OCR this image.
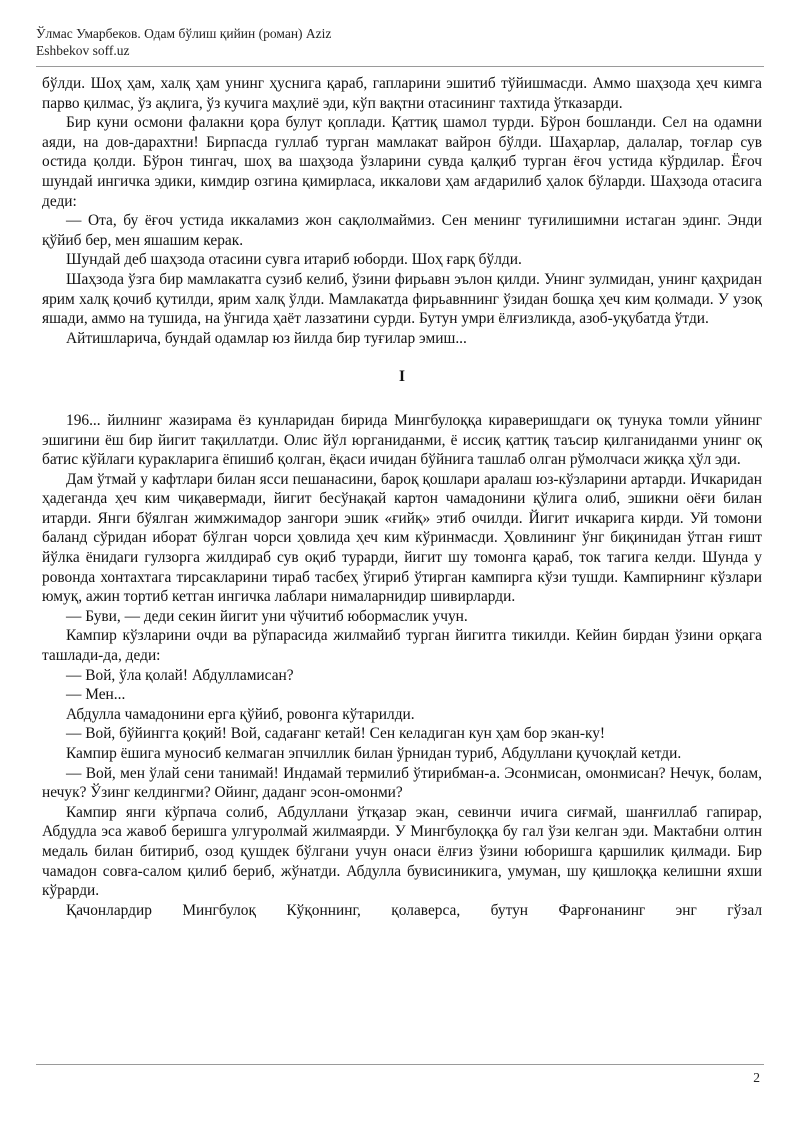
Ўлмас Умарбеков. Одам бўлиш қийин (роман) Aziz
Eshbekov soff.uz

бўлди. Шоҳ ҳам, халқ ҳам унинг ҳуснига қараб, гапларини эшитиб тўйишмасди. Аммо шаҳзода ҳеч кимга парво қилмас, ўз ақлига, ўз кучига маҳлиё эди, кўп вақтни отасининг тахтида ўтказарди.

Бир куни осмони фалакни қора булут қоплади. Қаттиқ шамол турди. Бўрон бошланди. Сел на одамни аяди, на дов-дарахтни! Бирпасда гуллаб турган мамлакат вайрон бўлди. Шаҳарлар, далалар, тоғлар сув остида қолди. Бўрон тингач, шоҳ ва шаҳзода ўзларини сувда қалқиб турган ёғоч устида кўрдилар. Ёғоч шундай ингичка эдики, кимдир озгина қимирласа, иккалови ҳам ағдарилиб ҳалок бўларди. Шаҳзода отасига деди:

— Ота, бу ёғоч устида иккаламиз жон сақлолмаймиз. Сен менинг туғилишимни истаган эдинг. Энди қўйиб бер, мен яшашим керак.

Шундай деб шаҳзода отасини сувга итариб юборди. Шоҳ ғарқ бўлди.

Шаҳзода ўзга бир мамлакатга сузиб келиб, ўзини фирьавн эълон қилди. Унинг зулмидан, унинг қаҳридан ярим халқ қочиб қутилди, ярим халқ ўлди. Мамлакатда фирьавннинг ўзидан бошқа ҳеч ким қолмади. У узоқ яшади, аммо на тушида, на ўнгида ҳаёт лаззатини сурди. Бутун умри ёлғизликда, азоб-уқубатда ўтди.

Айтишларича, бундай одамлар юз йилда бир туғилар эмиш...

I

196... йилнинг жазирама ёз кунларидан бирида Мингбулоққа кираверишдаги оқ тунука томли уйнинг эшигини ёш бир йигит тақиллатди. Олис йўл юрганиданми, ё иссиқ қаттиқ таъсир қилганиданми унинг оқ батис кўйлаги куракларига ёпишиб қолган, ёқаси ичидан бўйнига ташлаб олган рўмолчаси жиққа ҳўл эди.

Дам ўтмай у кафтлари билан ясси пешанасини, бароқ қошлари аралаш юз-кўзларини артарди. Ичкаридан ҳадеганда ҳеч ким чиқавермади, йигит бесўнақай картон чамадонини қўлига олиб, эшикни оёғи билан итарди. Янги бўялган жимжимадор зангори эшик «ғийқ» этиб очилди. Йигит ичкарига кирди. Уй томони баланд сўридан иборат бўлган чорси ҳовлида ҳеч ким кўринмасди. Ҳовлининг ўнг биқинидан ўтган ғишт йўлка ёнидаги гулзорга жилдираб сув оқиб турарди, йигит шу томонга қараб, ток тагига келди. Шунда у ровонда хонтахтага тирсакларини тираб тасбеҳ ўгириб ўтирган кампирга кўзи тушди. Кампирнинг кўзлари юмуқ, ажин тортиб кетган ингичка лаблари нималарнидир шивирларди.

— Буви, — деди секин йигит уни чўчитиб юбормаслик учун.

Кампир кўзларини очди ва рўпарасида жилмайиб турган йигитга тикилди. Кейин бирдан ўзини орқага ташлади-да, деди:

— Вой, ўла қолай! Абдулламисан?

— Мен...

Абдулла чамадонини ерга қўйиб, ровонга кўтарилди.

— Вой, бўйингга қоқий! Вой, садағанг кетай! Сен келадиган кун ҳам бор экан-ку!

Кампир ёшига муносиб келмаган эпчиллик билан ўрнидан туриб, Абдуллани қучоқлай кетди.

— Вой, мен ўлай сени танимай! Индамай термилиб ўтирибман-а. Эсонмисан, омонмисан? Нечук, болам, нечук? Ўзинг келдингми? Ойинг, даданг эсон-омонми?

Кампир янги кўрпача солиб, Абдуллани ўтқазар экан, севинчи ичига сиғмай, шанғиллаб гапирар, Абдудла эса жавоб беришга улгуролмай жилмаярди. У Мингбулоққа бу гал ўзи келган эди. Мактабни олтин медаль билан битириб, озод қушдек бўлгани учун онаси ёлғиз ўзини юборишга қаршилик қилмади. Бир чамадон совға-салом қилиб бериб, жўнатди. Абдулла бувисиникига, умуман, шу қишлоққа келишни яхши кўрарди.

Қачонлардир Мингбулоқ Кўқоннинг, қолаверса, бутун Фарғонанинг энг гўзал

2
